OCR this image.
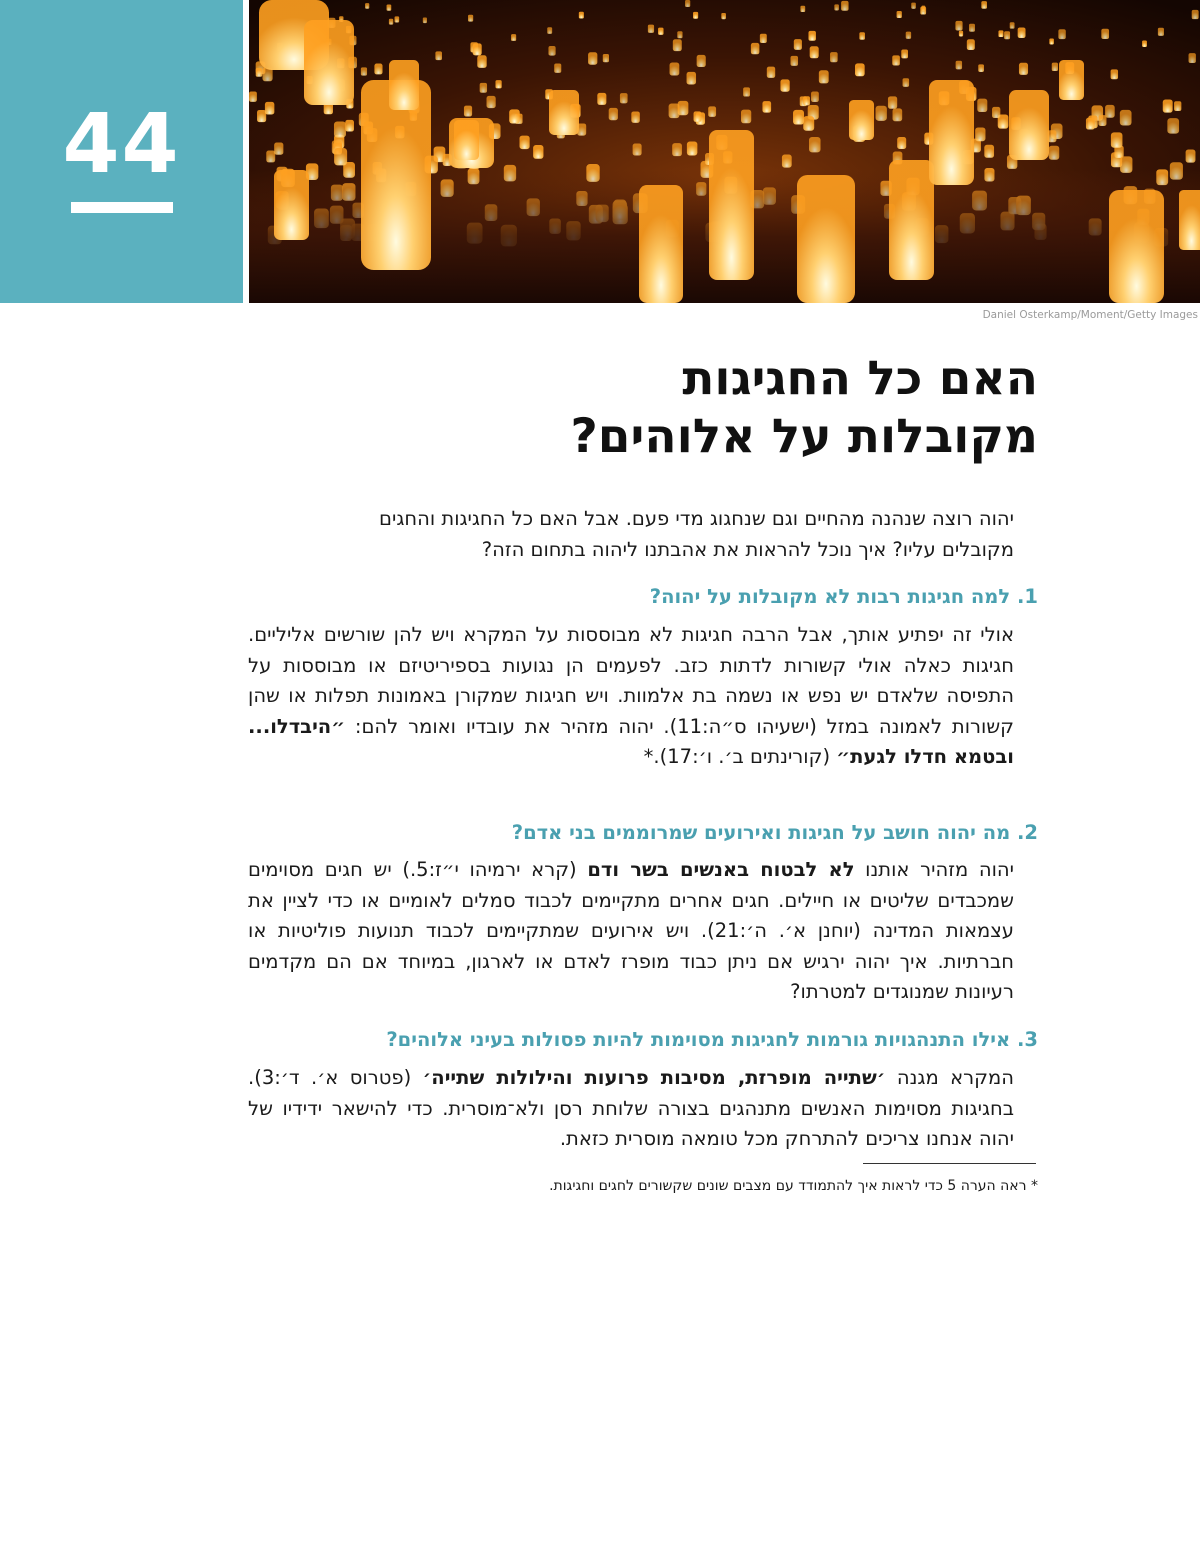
44
Daniel Osterkamp/Moment/Getty Images
האם כל החגיגות
מקובלות על אלוהים?
יהוה רוצה שנהנה מהחיים וגם שנחגוג מדי פעם. אבל האם כל החגיגות והחגים
מקובלים עליו? איך נוכל להראות את אהבתנו ליהוה בתחום הזה?
1. למה חגיגות רבות לא מקובלות על יהוה?
אולי זה יפתיע אותך, אבל הרבה חגיגות לא מבוססות על המקרא ויש להן שורשים אליליים. חגיגות כאלה אולי קשורות לדתות כזב. לפעמים הן נגועות בספיריטיזם או מבוססות על התפיסה שלאדם יש נפש או נשמה בת אלמוות. ויש חגיגות שמקורן באמונות תפלות או שהן קשורות לאמונה במזל (ישעיהו ס״ה:11). יהוה מזהיר את עובדיו ואומר להם: ״היבדלו... ובטמא חדלו לגעת״ (קורינתים ב׳. ו׳:17).*
2. מה יהוה חושב על חגיגות ואירועים שמרוממים בני אדם?
יהוה מזהיר אותנו לא לבטוח באנשים בשר ודם (קרא ירמיהו י״ז:5.) יש חגים מסוימים שמכבדים שליטים או חיילים. חגים אחרים מתקיימים לכבוד סמלים לאומיים או כדי לציין את עצמאות המדינה (יוחנן א׳. ה׳:21). ויש אירועים שמתקיימים לכבוד תנועות פוליטיות או חברתיות. איך יהוה ירגיש אם ניתן כבוד מופרז לאדם או לארגון, במיוחד אם הם מקדמים רעיונות שמנוגדים למטרתו?
3. אילו התנהגויות גורמות לחגיגות מסוימות להיות פסולות בעיני אלוהים?
המקרא מגנה ׳שתייה מופרזת, מסיבות פרועות והילולות שתייה׳ (פטרוס א׳. ד׳:3). בחגיגות מסוימות האנשים מתנהגים בצורה שלוחת רסן ולא־מוסרית. כדי להישאר ידידיו של יהוה אנחנו צריכים להתרחק מכל טומאה מוסרית כזאת.
* ראה הערה 5 כדי לראות איך להתמודד עם מצבים שונים שקשורים לחגים וחגיגות.
